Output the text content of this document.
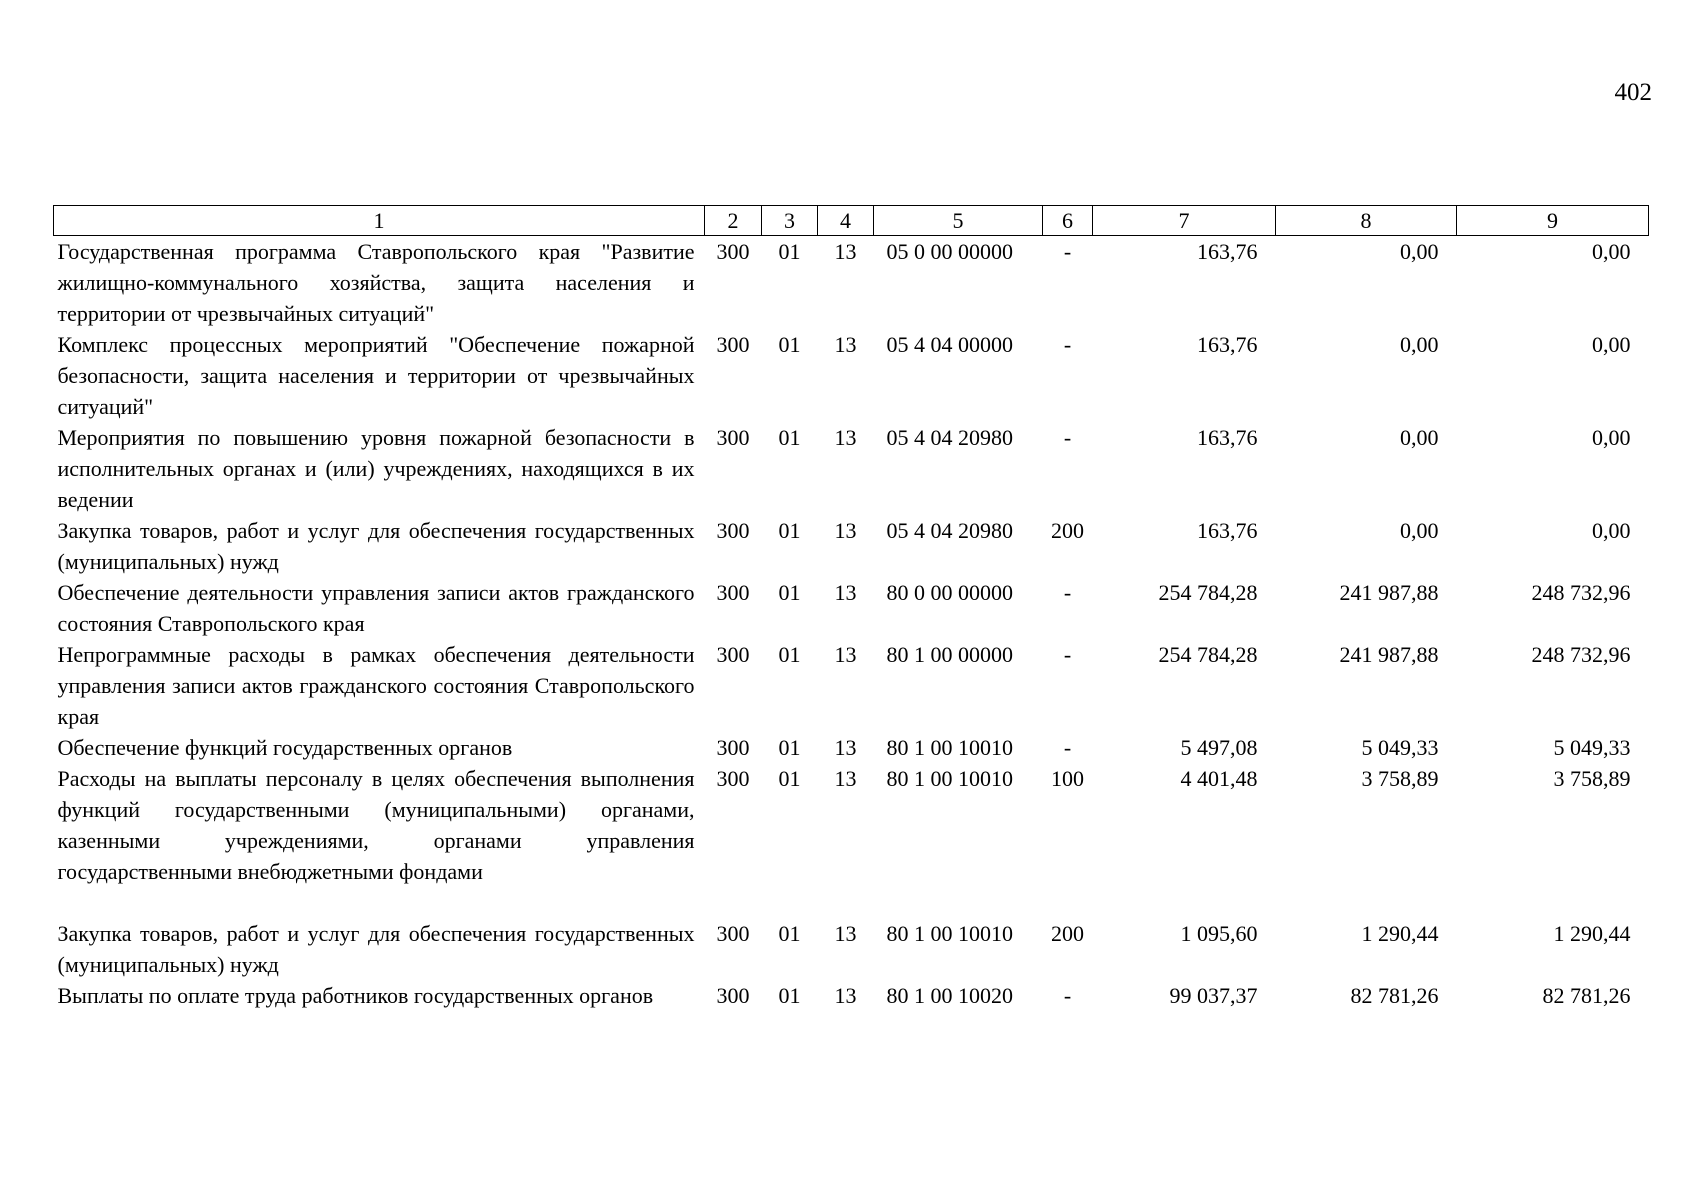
402
1	2	3	4	5	6	7	8	9
Государственная программа Ставропольского края "Развитие жилищно-коммунального хозяйства, защита населения и территории от чрезвычайных ситуаций"	300	01	13	05 0 00 00000	-	163,76	0,00	0,00
Комплекс процессных мероприятий "Обеспечение пожарной безопасности, защита населения и территории от чрезвычайных ситуаций"	300	01	13	05 4 04 00000	-	163,76	0,00	0,00
Мероприятия по повышению уровня пожарной безопасности в исполнительных органах и (или) учреждениях, находящихся в их ведении	300	01	13	05 4 04 20980	-	163,76	0,00	0,00
Закупка товаров, работ и услуг для обеспечения государственных (муниципальных) нужд	300	01	13	05 4 04 20980	200	163,76	0,00	0,00
Обеспечение деятельности управления записи актов гражданского состояния Ставропольского края	300	01	13	80 0 00 00000	-	254 784,28	241 987,88	248 732,96
Непрограммные расходы в рамках обеспечения деятельности управления записи актов гражданского состояния Ставропольского края	300	01	13	80 1 00 00000	-	254 784,28	241 987,88	248 732,96
Обеспечение функций государственных органов	300	01	13	80 1 00 10010	-	5 497,08	5 049,33	5 049,33
Расходы на выплаты персоналу в целях обеспечения выполнения функций государственными (муниципальными) органами, казенными учреждениями, органами управления государственными внебюджетными фондами	300	01	13	80 1 00 10010	100	4 401,48	3 758,89	3 758,89

Закупка товаров, работ и услуг для обеспечения государственных (муниципальных) нужд	300	01	13	80 1 00 10010	200	1 095,60	1 290,44	1 290,44
Выплаты по оплате труда работников государственных органов	300	01	13	80 1 00 10020	-	99 037,37	82 781,26	82 781,26
